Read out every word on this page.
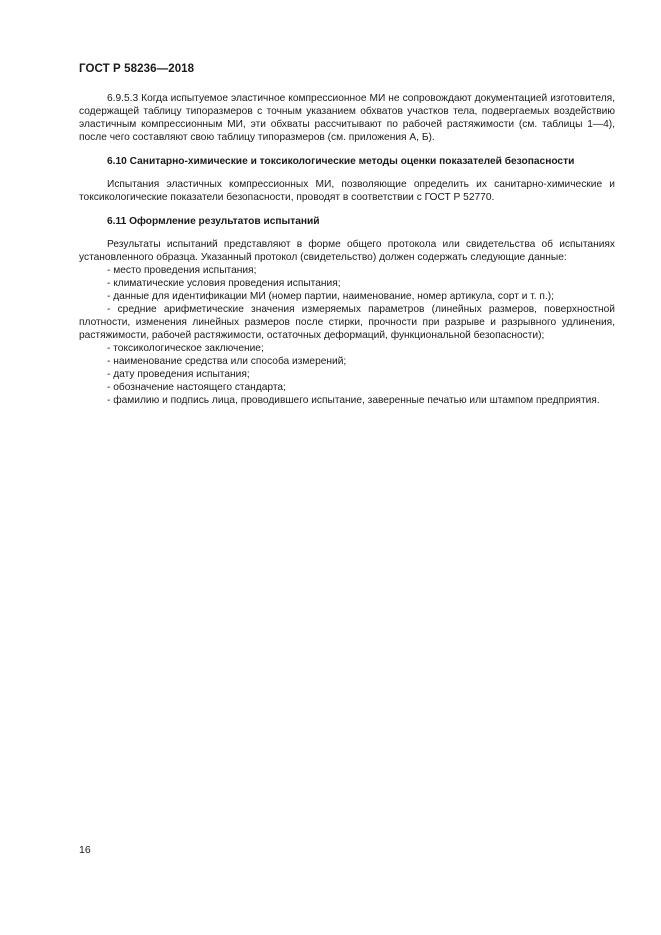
ГОСТ Р 58236—2018

6.9.5.3 Когда испытуемое эластичное компрессионное МИ не сопровождают документацией изготовителя, содержащей таблицу типоразмеров с точным указанием обхватов участков тела, подвергаемых воздействию эластичным компрессионным МИ, эти обхваты рассчитывают по рабочей растяжимости (см. таблицы 1—4), после чего составляют свою таблицу типоразмеров (см. приложения А, Б).

6.10 Санитарно-химические и токсикологические методы оценки показателей безопасности

Испытания эластичных компрессионных МИ, позволяющие определить их санитарно-химические и токсикологические показатели безопасности, проводят в соответствии с ГОСТ Р 52770.

6.11 Оформление результатов испытаний

Результаты испытаний представляют в форме общего протокола или свидетельства об испытаниях установленного образца. Указанный протокол (свидетельство) должен содержать следующие данные:

- место проведения испытания;

- климатические условия проведения испытания;

- данные для идентификации МИ (номер партии, наименование, номер артикула, сорт и т. п.);

- средние арифметические значения измеряемых параметров (линейных размеров, поверхностной плотности, изменения линейных размеров после стирки, прочности при разрыве и разрывного удлинения, растяжимости, рабочей растяжимости, остаточных деформаций, функциональной безопасности);

- токсикологическое заключение;

- наименование средства или способа измерений;

- дату проведения испытания;

- обозначение настоящего стандарта;

- фамилию и подпись лица, проводившего испытание, заверенные печатью или штампом предприятия.

16
